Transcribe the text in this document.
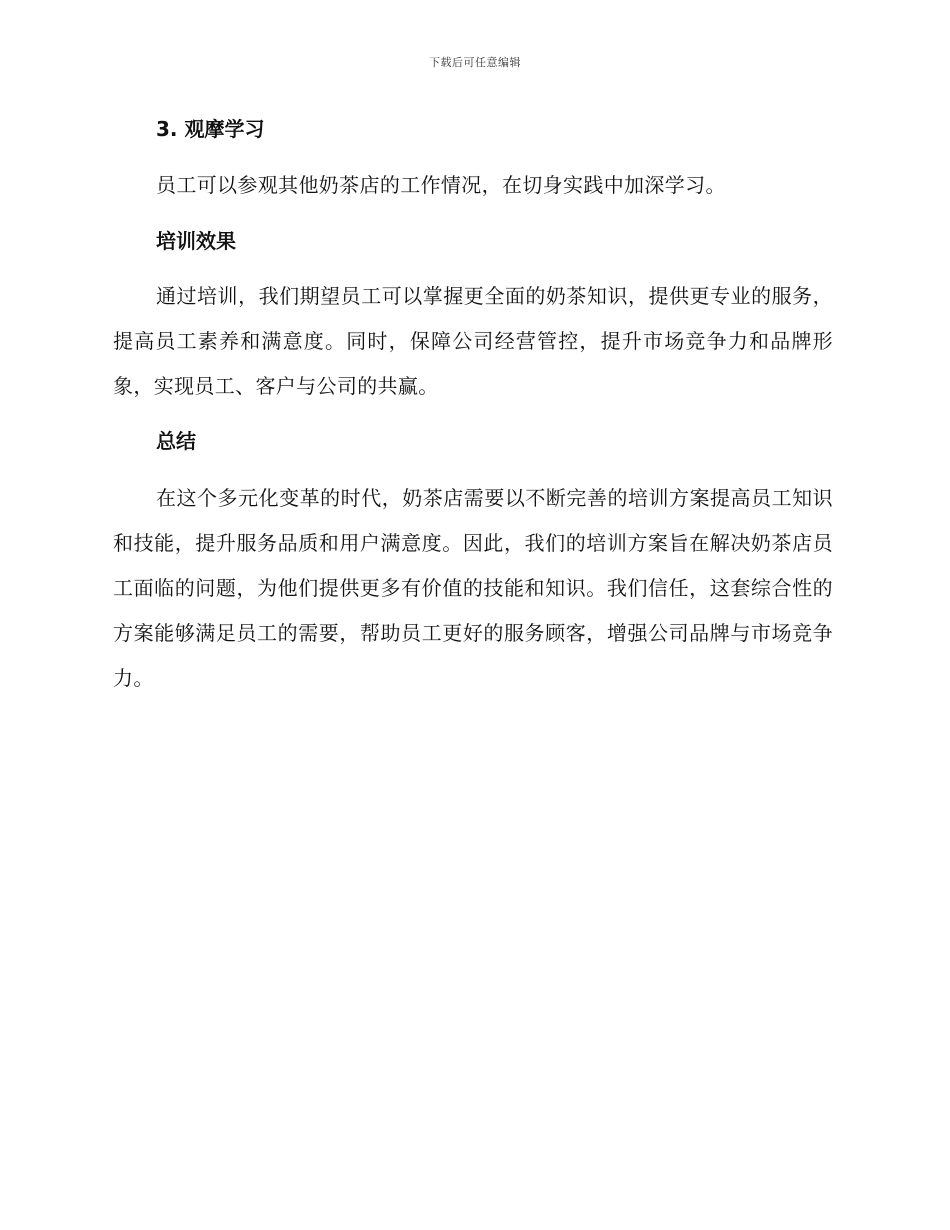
下载后可任意编辑
3. 观摩学习

员工可以参观其他奶茶店的工作情况，在切身实践中加深学习。

培训效果

通过培训，我们期望员工可以掌握更全面的奶茶知识，提供更专业的服务，提高员工素养和满意度。同时，保障公司经营管控，提升市场竞争力和品牌形象，实现员工、客户与公司的共赢。

总结

在这个多元化变革的时代，奶茶店需要以不断完善的培训方案提高员工知识和技能，提升服务品质和用户满意度。因此，我们的培训方案旨在解决奶茶店员工面临的问题，为他们提供更多有价值的技能和知识。我们信任，这套综合性的方案能够满足员工的需要，帮助员工更好的服务顾客，增强公司品牌与市场竞争力。
